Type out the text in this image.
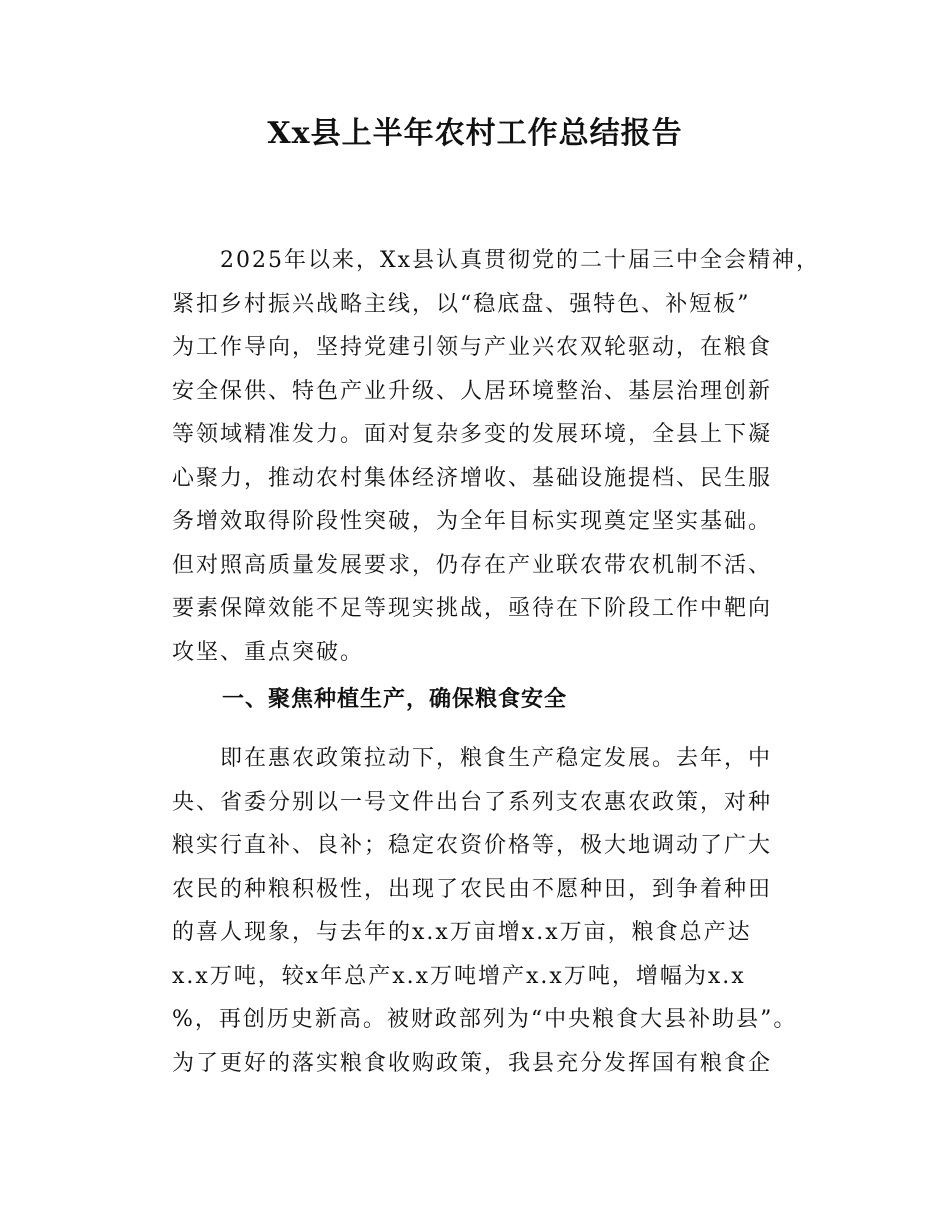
Xx县上半年农村工作总结报告

　　2025年以来，Xx县认真贯彻党的二十届三中全会精神，
紧扣乡村振兴战略主线，以“稳底盘、强特色、补短板”
为工作导向，坚持党建引领与产业兴农双轮驱动，在粮食
安全保供、特色产业升级、人居环境整治、基层治理创新
等领域精准发力。面对复杂多变的发展环境，全县上下凝
心聚力，推动农村集体经济增收、基础设施提档、民生服
务增效取得阶段性突破，为全年目标实现奠定坚实基础。
但对照高质量发展要求，仍存在产业联农带农机制不活、
要素保障效能不足等现实挑战，亟待在下阶段工作中靶向
攻坚、重点突破。

一、聚焦种植生产，确保粮食安全

　　即在惠农政策拉动下，粮食生产稳定发展。去年，中
央、省委分别以一号文件出台了系列支农惠农政策，对种
粮实行直补、良补；稳定农资价格等，极大地调动了广大
农民的种粮积极性，出现了农民由不愿种田，到争着种田
的喜人现象，与去年的x.x万亩增x.x万亩，粮食总产达
x.x万吨，较x年总产x.x万吨增产x.x万吨，增幅为x.x
%，再创历史新高。被财政部列为“中央粮食大县补助县”。
为了更好的落实粮食收购政策，我县充分发挥国有粮食企
